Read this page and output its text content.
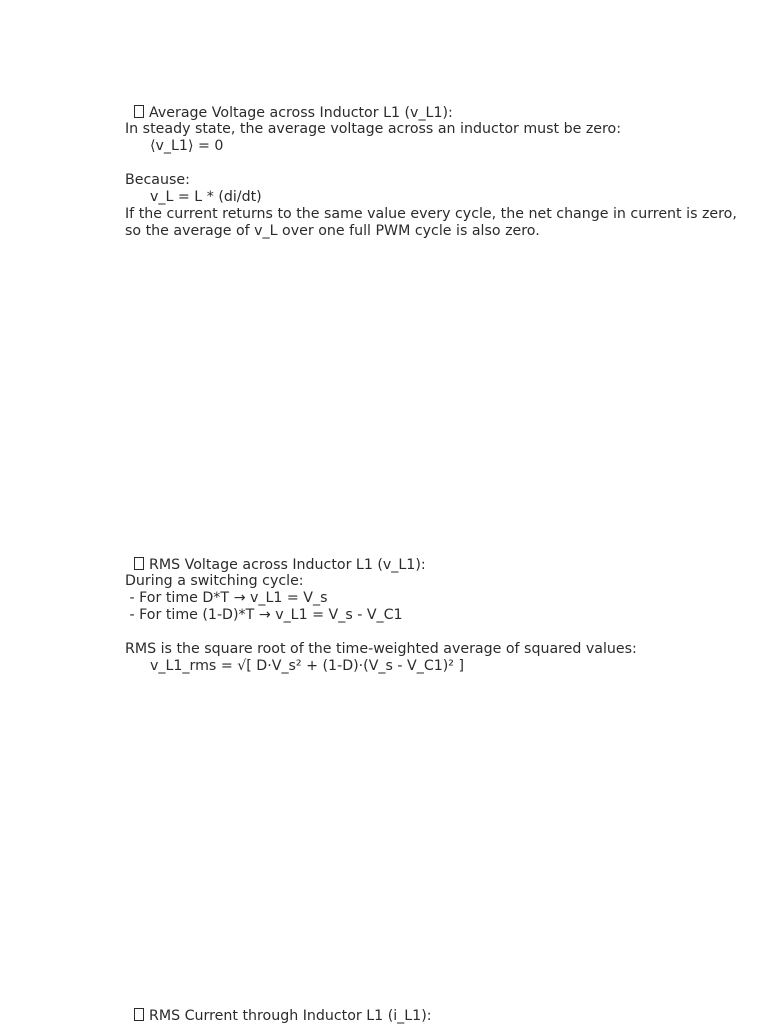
Average Voltage across Inductor L1 (v_L1):

In steady state, the average voltage across an inductor must be zero:
⟨v_L1⟩ = 0
Because:
v_L = L * (di/dt)
If the current returns to the same value every cycle, the net change in current is zero,
so the average of v_L over one full PWM cycle is also zero.

RMS Voltage across Inductor L1 (v_L1):

During a switching cycle:
- For time D*T → v_L1 = V_s
- For time (1-D)*T → v_L1 = V_s - V_C1
RMS is the square root of the time-weighted average of squared values:
v_L1_rms = √[ D·V_s² + (1-D)·(V_s - V_C1)² ]

RMS Current through Inductor L1 (i_L1):
